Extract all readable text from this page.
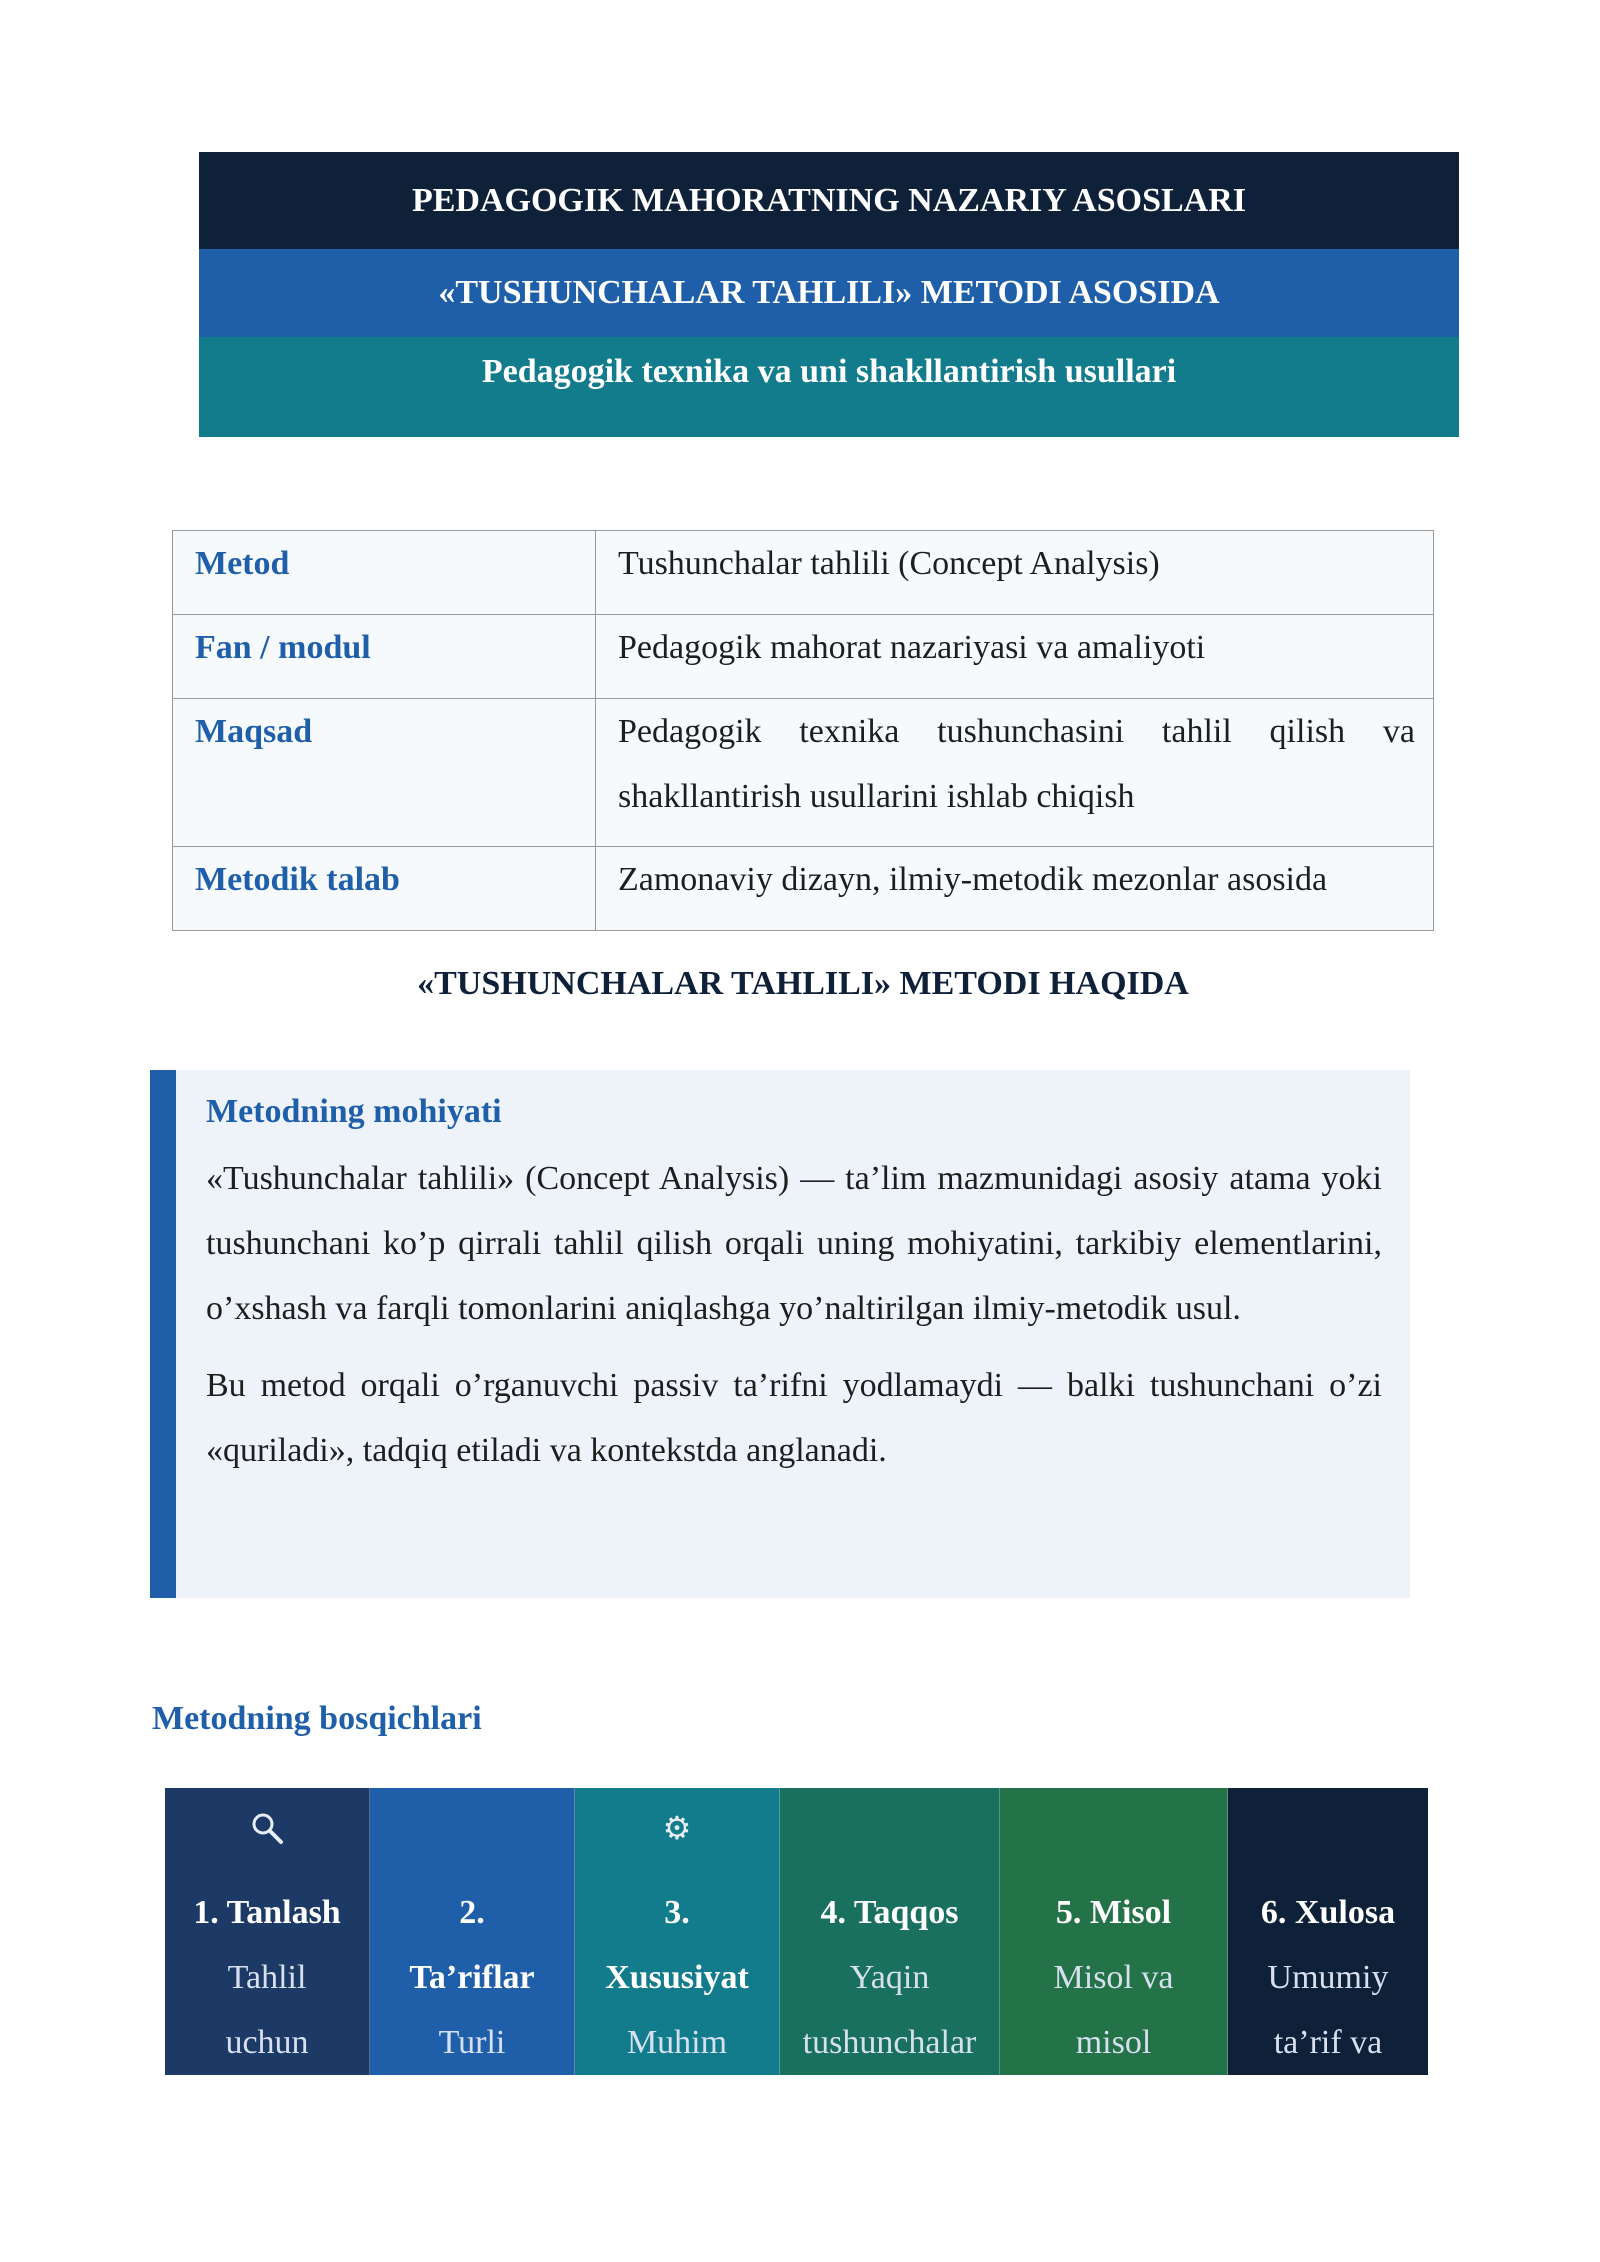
PEDAGOGIK MAHORATNING NAZARIY ASOSLARI
«TUSHUNCHALAR TAHLILI» METODI ASOSIDA
Pedagogik texnika va uni shakllantirish usullari
Metod	Tushunchalar tahlili (Concept Analysis)
Fan / modul	Pedagogik mahorat nazariyasi va amaliyoti
Maqsad	Pedagogik texnika tushunchasini tahlil qilish va shakllantirish usullarini ishlab chiqish
Metodik talab	Zamonaviy dizayn, ilmiy-metodik mezonlar asosida
«TUSHUNCHALAR TAHLILI» METODI HAQIDA

Metodning mohiyati

«Tushunchalar tahlili» (Concept Analysis) — ta’lim mazmunidagi asosiy atama yoki tushunchani ko’p qirrali tahlil qilish orqali uning mohiyatini, tarkibiy elementlarini, o’xshash va farqli tomonlarini aniqlashga yo’naltirilgan ilmiy-metodik usul.

Bu metod orqali o’rganuvchi passiv ta’rifni yodlamaydi — balki tushunchani o’zi «quriladi», tadqiq etiladi va kontekstda anglanadi.

Metodning bosqichlari
1. Tanlash
Tahlil
uchun
2.
Ta’riflar
Turli
⚙
3.
Xususiyat
Muhim
4. Taqqos
Yaqin
tushunchalar
5. Misol
Misol va
misol
6. Xulosa
Umumiy
ta’rif va
